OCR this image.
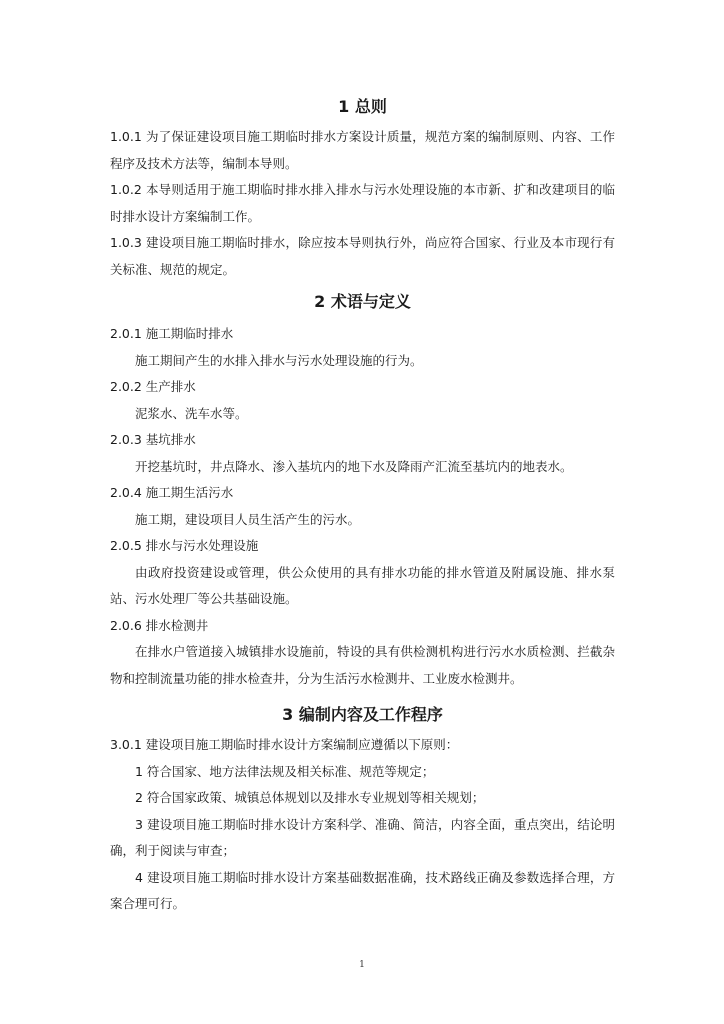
1 总则

1.0.1 为了保证建设项目施工期临时排水方案设计质量，规范方案的编制原则、内容、工作程序及技术方法等，编制本导则。

1.0.2 本导则适用于施工期临时排水排入排水与污水处理设施的本市新、扩和改建项目的临时排水设计方案编制工作。

1.0.3 建设项目施工期临时排水，除应按本导则执行外，尚应符合国家、行业及本市现行有关标准、规范的规定。

2 术语与定义

2.0.1 施工期临时排水

施工期间产生的水排入排水与污水处理设施的行为。

2.0.2 生产排水

泥浆水、洗车水等。

2.0.3 基坑排水

开挖基坑时，井点降水、渗入基坑内的地下水及降雨产汇流至基坑内的地表水。

2.0.4 施工期生活污水

施工期，建设项目人员生活产生的污水。

2.0.5 排水与污水处理设施

由政府投资建设或管理，供公众使用的具有排水功能的排水管道及附属设施、排水泵站、污水处理厂等公共基础设施。

2.0.6 排水检测井

在排水户管道接入城镇排水设施前，特设的具有供检测机构进行污水水质检测、拦截杂物和控制流量功能的排水检查井，分为生活污水检测井、工业废水检测井。

3 编制内容及工作程序

3.0.1 建设项目施工期临时排水设计方案编制应遵循以下原则：

1 符合国家、地方法律法规及相关标准、规范等规定；

2 符合国家政策、城镇总体规划以及排水专业规划等相关规划；

3 建设项目施工期临时排水设计方案科学、准确、简洁，内容全面，重点突出，结论明确，利于阅读与审查；

4 建设项目施工期临时排水设计方案基础数据准确，技术路线正确及参数选择合理，方案合理可行。

1
